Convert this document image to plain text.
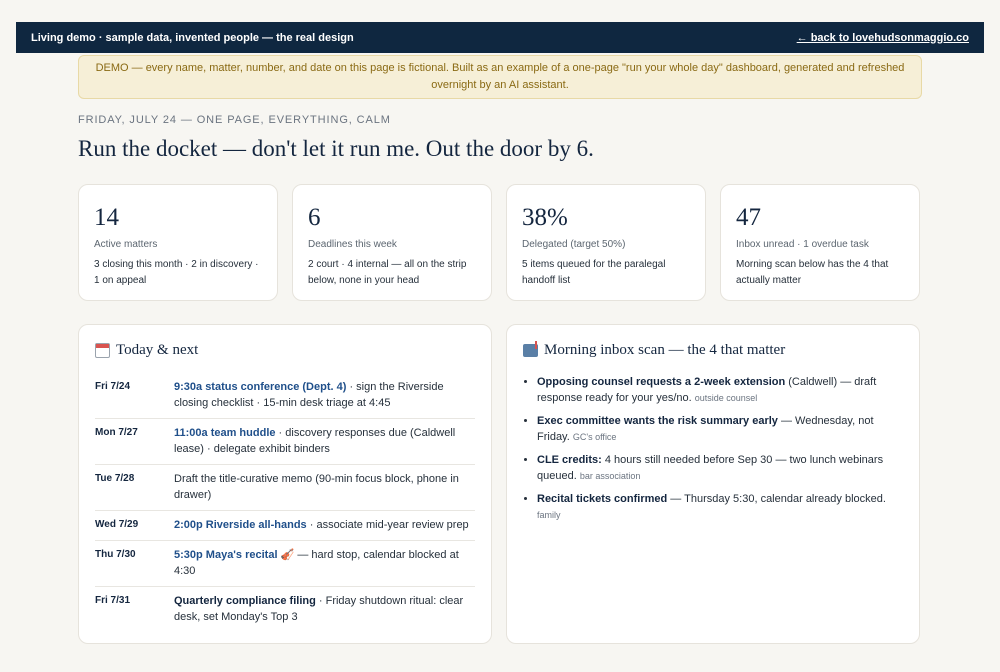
Living demo · sample data, invented people — the real design	← back to lovehudsonmaggio.co
DEMO — every name, matter, number, and date on this page is fictional. Built as an example of a one-page "run your whole day" dashboard, generated and refreshed overnight by an AI assistant.
FRIDAY, JULY 24 — ONE PAGE, EVERYTHING, CALM
Run the docket — don't let it run me. Out the door by 6.
14
Active matters
3 closing this month · 2 in discovery · 1 on appeal
6
Deadlines this week
2 court · 4 internal — all on the strip below, none in your head
38%
Delegated (target 50%)
5 items queued for the paralegal handoff list
47
Inbox unread · 1 overdue task
Morning scan below has the 4 that actually matter
Today & next
Fri 7/24	9:30a status conference (Dept. 4) · sign the Riverside closing checklist · 15-min desk triage at 4:45
Mon 7/27	11:00a team huddle · discovery responses due (Caldwell lease) · delegate exhibit binders
Tue 7/28	Draft the title-curative memo (90-min focus block, phone in drawer)
Wed 7/29	2:00p Riverside all-hands · associate mid-year review prep
Thu 7/30	5:30p Maya's recital 🎻 — hard stop, calendar blocked at 4:30
Fri 7/31	Quarterly compliance filing · Friday shutdown ritual: clear desk, set Monday's Top 3
Morning inbox scan — the 4 that matter
• Opposing counsel requests a 2-week extension (Caldwell) — draft response ready for your yes/no. outside counsel
• Exec committee wants the risk summary early — Wednesday, not Friday. GC's office
• CLE credits: 4 hours still needed before Sep 30 — two lunch webinars queued. bar association
• Recital tickets confirmed — Thursday 5:30, calendar already blocked. family
